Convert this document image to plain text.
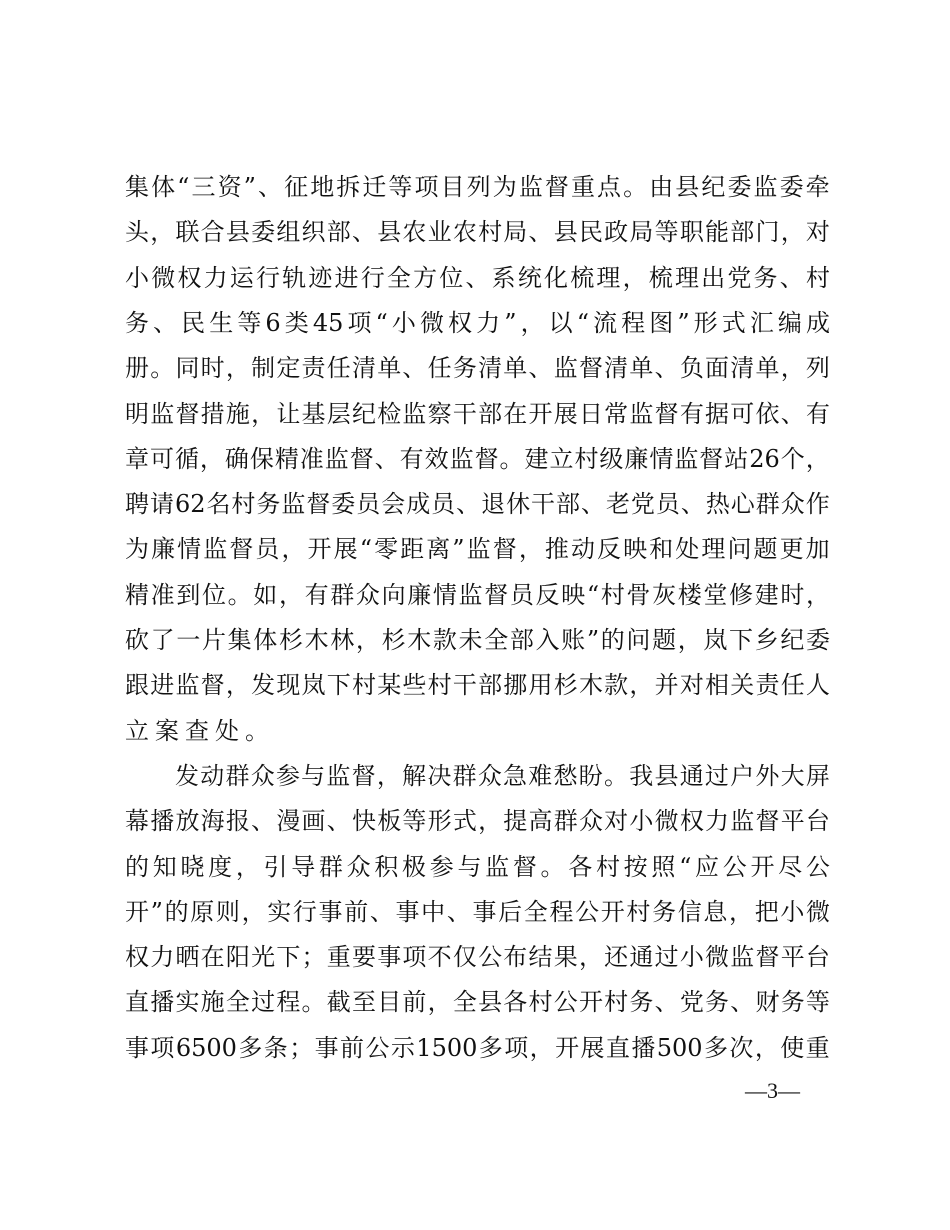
集 体 “ 三 资 ” 、 征 地 拆 迁 等 项 目 列 为 监 督 重 点 。 由 县 纪 委 监 委 牵
头 ， 联 合 县 委 组 织 部 、 县 农 业 农 村 局 、 县 民 政 局 等 职 能 部 门 ， 对
小 微 权 力 运 行 轨 迹 进 行 全 方 位 、 系 统 化 梳 理 ， 梳 理 出 党 务 、 村
务 、 民 生 等 6 类 45 项 “ 小 微 权 力 ” ， 以 “ 流 程 图 ” 形 式 汇 编 成
册 。 同 时 ， 制 定 责 任 清 单 、 任 务 清 单 、 监 督 清 单 、 负 面 清 单 ， 列
明 监 督 措 施 ， 让 基 层 纪 检 监 察 干 部 在 开 展 日 常 监 督 有 据 可 依 、 有
章 可 循 ， 确 保 精 准 监 督 、 有 效 监 督 。 建 立 村 级 廉 情 监 督 站 26 个 ，
聘 请 62 名 村 务 监 督 委 员 会 成 员 、 退 休 干 部 、 老 党 员 、 热 心 群 众 作
为 廉 情 监 督 员 ， 开 展 “ 零 距 离 ” 监 督 ， 推 动 反 映 和 处 理 问 题 更 加
精 准 到 位 。 如 ， 有 群 众 向 廉 情 监 督 员 反 映 “ 村 骨 灰 楼 堂 修 建 时 ，
砍 了 一 片 集 体 杉 木 林 ， 杉 木 款 未 全 部 入 账 ” 的 问 题 ， 岚 下 乡 纪 委
跟 进 监 督 ， 发 现 岚 下 村 某 些 村 干 部 挪 用 杉 木 款 ， 并 对 相 关 责 任 人
立案查处。
发 动 群 众 参 与 监 督 ， 解 决 群 众 急 难 愁 盼 。 我 县 通 过 户 外 大 屏
幕 播 放 海 报 、 漫 画 、 快 板 等 形 式 ， 提 高 群 众 对 小 微 权 力 监 督 平 台
的 知 晓 度 ， 引 导 群 众 积 极 参 与 监 督 。 各 村 按 照 “ 应 公 开 尽 公
开 ” 的 原 则 ， 实 行 事 前 、 事 中 、 事 后 全 程 公 开 村 务 信 息 ， 把 小 微
权 力 晒 在 阳 光 下 ； 重 要 事 项 不 仅 公 布 结 果 ， 还 通 过 小 微 监 督 平 台
直 播 实 施 全 过 程 。 截 至 目 前 ， 全 县 各 村 公 开 村 务 、 党 务 、 财 务 等
事 项 6500 多 条 ； 事 前 公 示 1500 多 项 ， 开 展 直 播 500 多 次 ， 使 重
—3—
